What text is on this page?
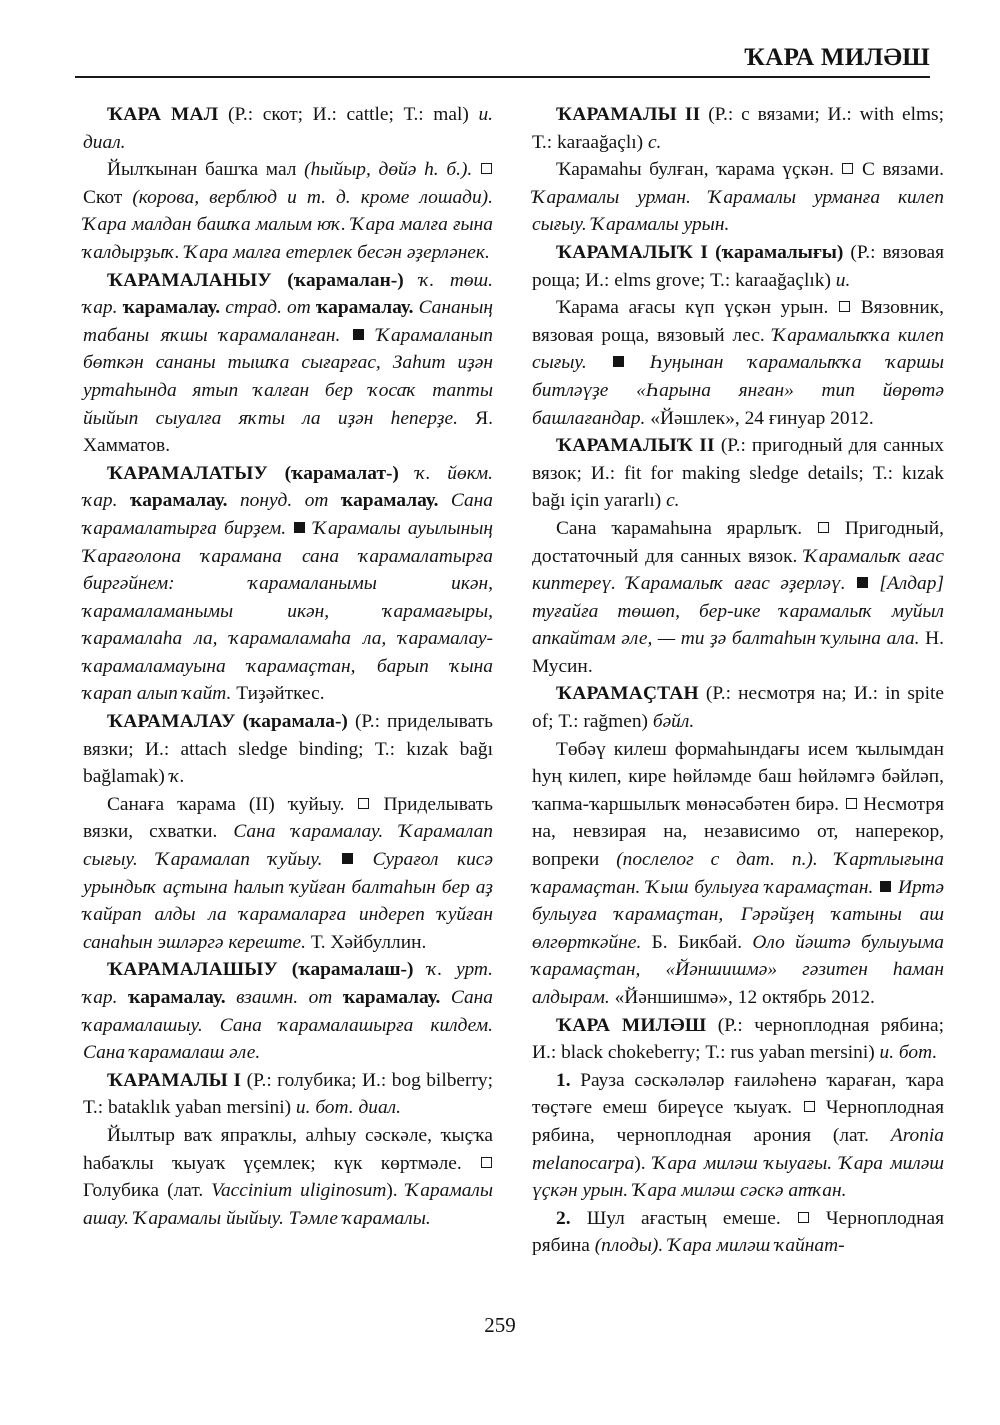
ҠАРА МИЛӘШ

ҠАРА МАЛ (Р.: скот; И.: cattle; Т.: mal) и. диал.

Йылҡынан башҡа мал (һыйыр, дөйә һ. б.).  Скот (корова, верблюд и т. д. кроме лошади). Ҡара малдан башҡа малым юҡ. Ҡара малға ғына ҡалдырҙыҡ. Ҡара малға етерлек бесән әҙерләнек.

ҠАРАМАЛАНЫУ (ҡарамалан-) ҡ. төш. ҡар. ҡарамалау. страд. от ҡарамалау. Сананың табаны яҡшы ҡарамаланған.  Ҡарамаланып бөткән сананы тышҡа сығарғас, Заһит иҙән уртаһында ятып ҡалған бер ҡосаҡ тапты йыйып сыуалға яҡты ла иҙән һеперҙе. Я. Хамматов.

ҠАРАМАЛАТЫУ (ҡарамалат-) ҡ. йөкм. ҡар. ҡарамалау. понуд. от ҡарамалау. Сана ҡарамалатырға бирҙем.  Ҡарамалы ауылының Ҡарағолона ҡарамана сана ҡарамалатырға биргәйнем: ҡарамаланымы икән, ҡарамаламанымы икән, ҡарамағыры, ҡарамалаһа ла, ҡарамаламаһа ла, ҡарамалау-ҡарамаламауына ҡарамаҫтан, барып ҡына ҡарап алып ҡайт. Тиҙәйткес.

ҠАРАМАЛАУ (ҡарамала-) (Р.: приделывать вязки; И.: attach sledge binding; Т.: kızak bağı bağlamak) ҡ.

Санаға ҡарама (II) ҡуйыу.  Приделывать вязки, схватки. Сана ҡарамалау. Ҡарамалап сығыу. Ҡарамалап ҡуйыу.  Сурағол кисә урындыҡ аҫтына һалып ҡуйған балтаһын бер аҙ ҡайрап алды ла ҡарамаларға индереп ҡуйған санаһын эшләргә кереште. Т. Хәйбуллин.

ҠАРАМАЛАШЫУ (ҡарамалаш-) ҡ. урт. ҡар. ҡарамалау. взаимн. от ҡарамалау. Сана ҡарамалашыу. Сана ҡарамалашырға килдем. Сана ҡарамалаш әле.

ҠАРАМАЛЫ I (Р.: голубика; И.: bog bilberry; Т.: bataklık yaban mersini) и. бот. диал.

Йылтыр ваҡ япраҡлы, алһыу сәскәле, ҡыҫҡа һабаҡлы ҡыуаҡ үҫемлек; күк көртмәле.  Голубика (лат. Vaccinium uliginosum). Ҡарамалы ашау. Ҡарамалы йыйыу. Тәмле ҡарамалы.

ҠАРАМАЛЫ II (Р.: с вязами; И.: with elms; Т.: karaağaçlı) с.

Ҡарамаһы булған, ҡарама үҫкән.  С вязами. Ҡарамалы урман. Ҡарамалы урманға килеп сығыу. Ҡарамалы урын.

ҠАРАМАЛЫҠ I (ҡарамалығы) (Р.: вязовая роща; И.: elms grove; Т.: karaağaçlık) и.

Ҡарама ағасы күп үҫкән урын.  Вязовник, вязовая роща, вязовый лес. Ҡарамалыҡҡа килеп сығыу.  Һуңынан ҡарамалыҡҡа ҡаршы битләүҙе «Һарына янған» тип йөрөтә башлағандар. «Йәшлек», 24 ғинуар 2012.

ҠАРАМАЛЫҠ II (Р.: пригодный для санных вязок; И.: fit for making sledge details; Т.: kızak bağı için yararlı) с.

Сана ҡарамаһына ярарлыҡ.  Пригодный, достаточный для санных вязок. Ҡарамалыҡ ағас киптереү. Ҡарамалыҡ ағас әҙерләү.  [Алдар] туғайға төшөп, бер-ике ҡарамалыҡ муйыл апкайтам әле, — ти ҙә балтаһын ҡулына ала. Н. Мусин.

ҠАРАМАҪТАН (Р.: несмотря на; И.: in spite of; Т.: rağmen) бәйл.

Төбәү килеш формаһындағы исем ҡылымдан һуң килеп, кире һөйләмде баш һөйләмгә бәйләп, ҡапма-ҡаршылыҡ мөнәсәбәтен бирә.  Несмотря на, невзирая на, независимо от, наперекор, вопреки (послелог с дат. п.). Ҡартлығына ҡарамаҫтан. Ҡыш булыуға ҡарамаҫтан.  Иртә булыуға ҡарамаҫтан, Гәрәйҙең ҡатыны аш өлгөрткәйне. Б. Бикбай. Оло йәштә булыуыма ҡарамаҫтан, «Йәншишмә» гәзитен һаман алдырам. «Йәншишмә», 12 октябрь 2012.

ҠАРА МИЛӘШ (Р.: черноплодная рябина; И.: black chokeberry; Т.: rus yaban mersini) и. бот.

1. Рауза сәскәләләр ғаиләһенә ҡараған, ҡара төҫтәге емеш биреүсе ҡыуаҡ.  Черноплодная рябина, черноплодная арония (лат. Aronia melanocarpa). Ҡара миләш ҡыуағы. Ҡара миләш үҫкән урын. Ҡара миләш сәскә атҡан.

2. Шул ағастың емеше.  Черноплодная рябина (плоды). Ҡара миләш ҡайнат-

259
